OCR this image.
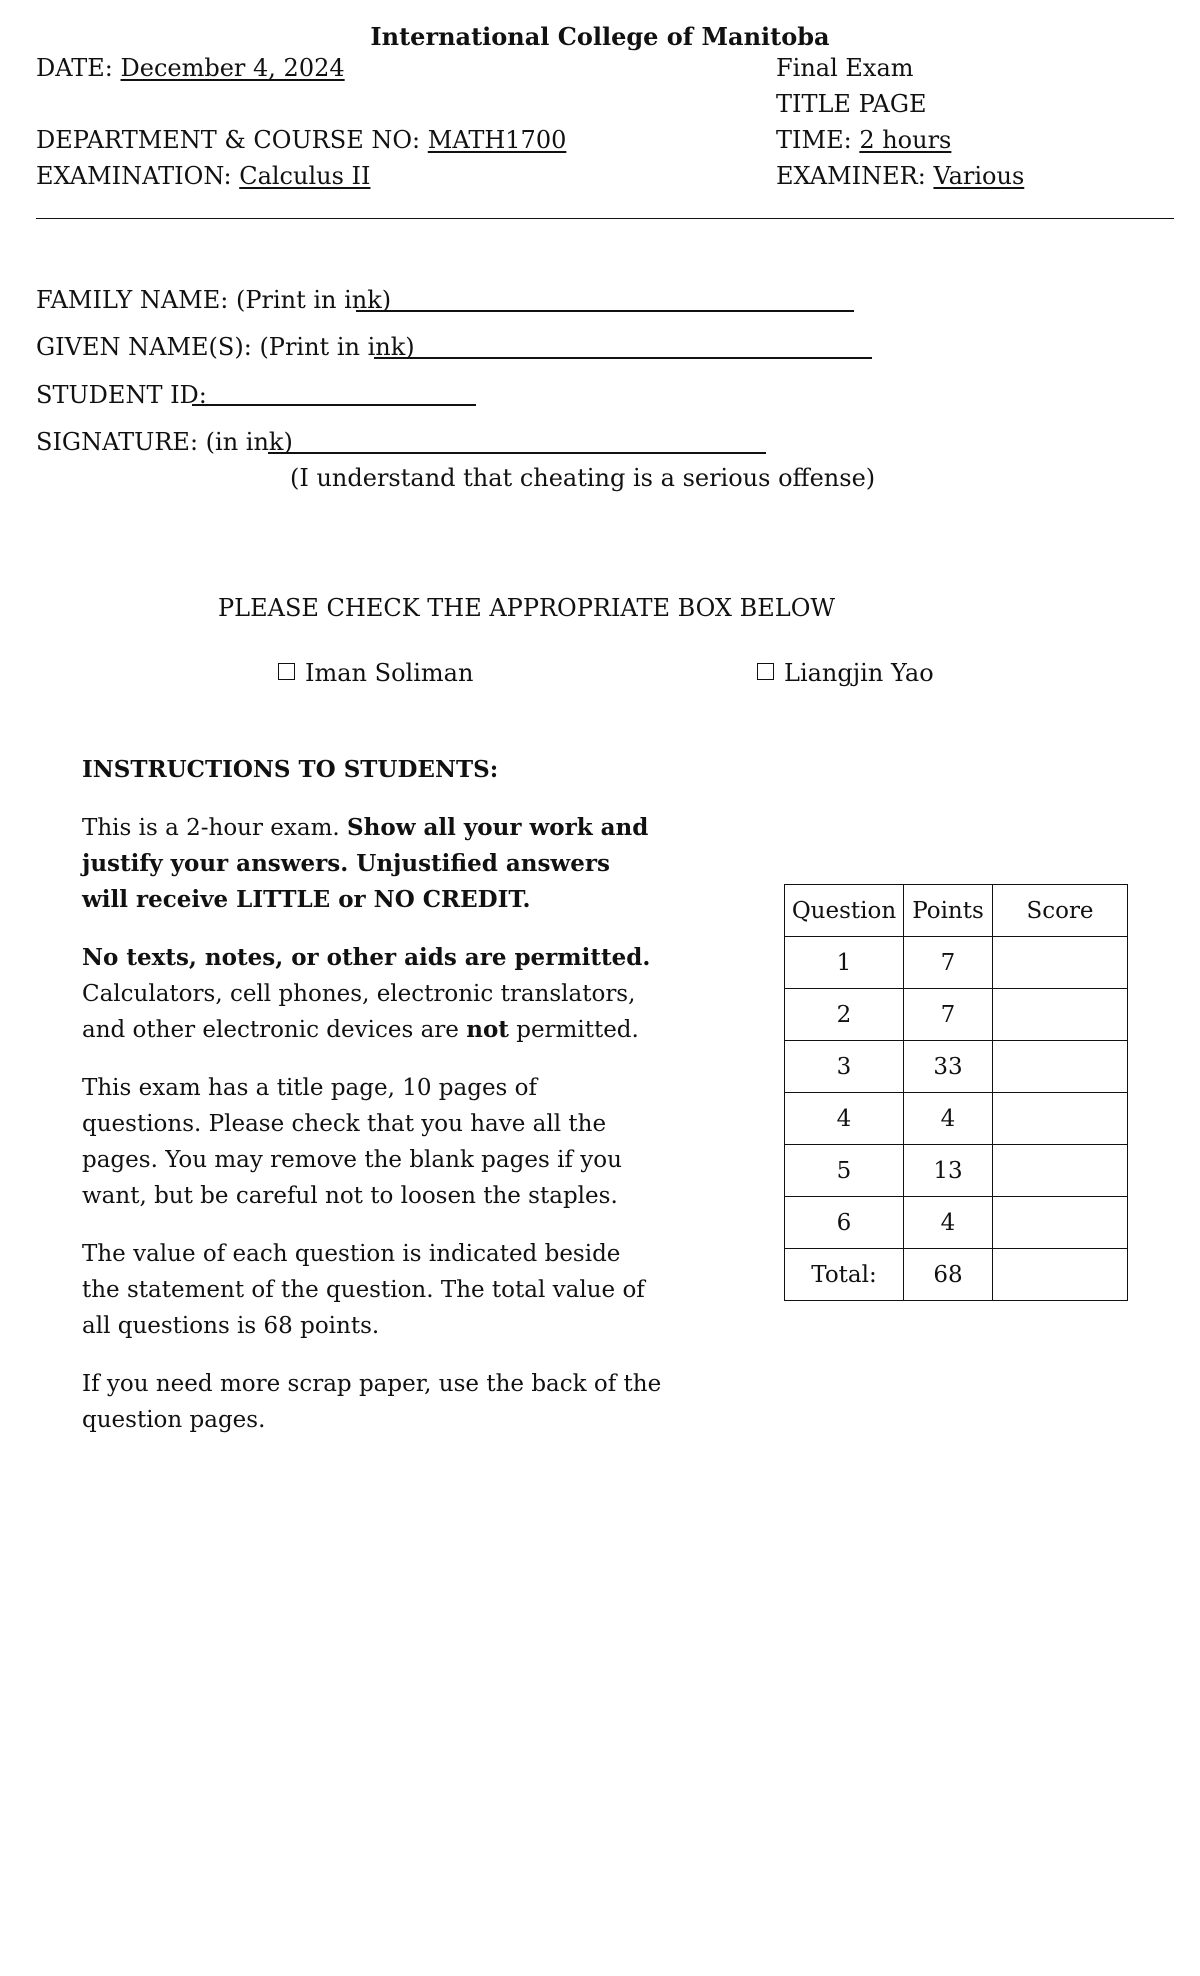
International College of Manitoba
DATE: December 4, 2024	Final Exam
TITLE PAGE
DEPARTMENT & COURSE NO: MATH1700	TIME: 2 hours
EXAMINATION: Calculus II	EXAMINER: Various
FAMILY NAME: (Print in ink)
GIVEN NAME(S): (Print in ink)
STUDENT ID:
SIGNATURE: (in ink)
(I understand that cheating is a serious offense)
PLEASE CHECK THE APPROPRIATE BOX BELOW
Iman Soliman	Liangjin Yao
INSTRUCTIONS TO STUDENTS:

This is a 2-hour exam. Show all your work and justify your answers. Unjustified answers will receive LITTLE or NO CREDIT.

No texts, notes, or other aids are permitted. Calculators, cell phones, electronic translators, and other electronic devices are not permitted.

This exam has a title page, 10 pages of questions. Please check that you have all the pages. You may remove the blank pages if you want, but be careful not to loosen the staples.

The value of each question is indicated beside the statement of the question. The total value of all questions is 68 points.

If you need more scrap paper, use the back of the question pages.

Question	Points	Score
1	7	
2	7	
3	33	
4	4	
5	13	
6	4	
Total:	68	
